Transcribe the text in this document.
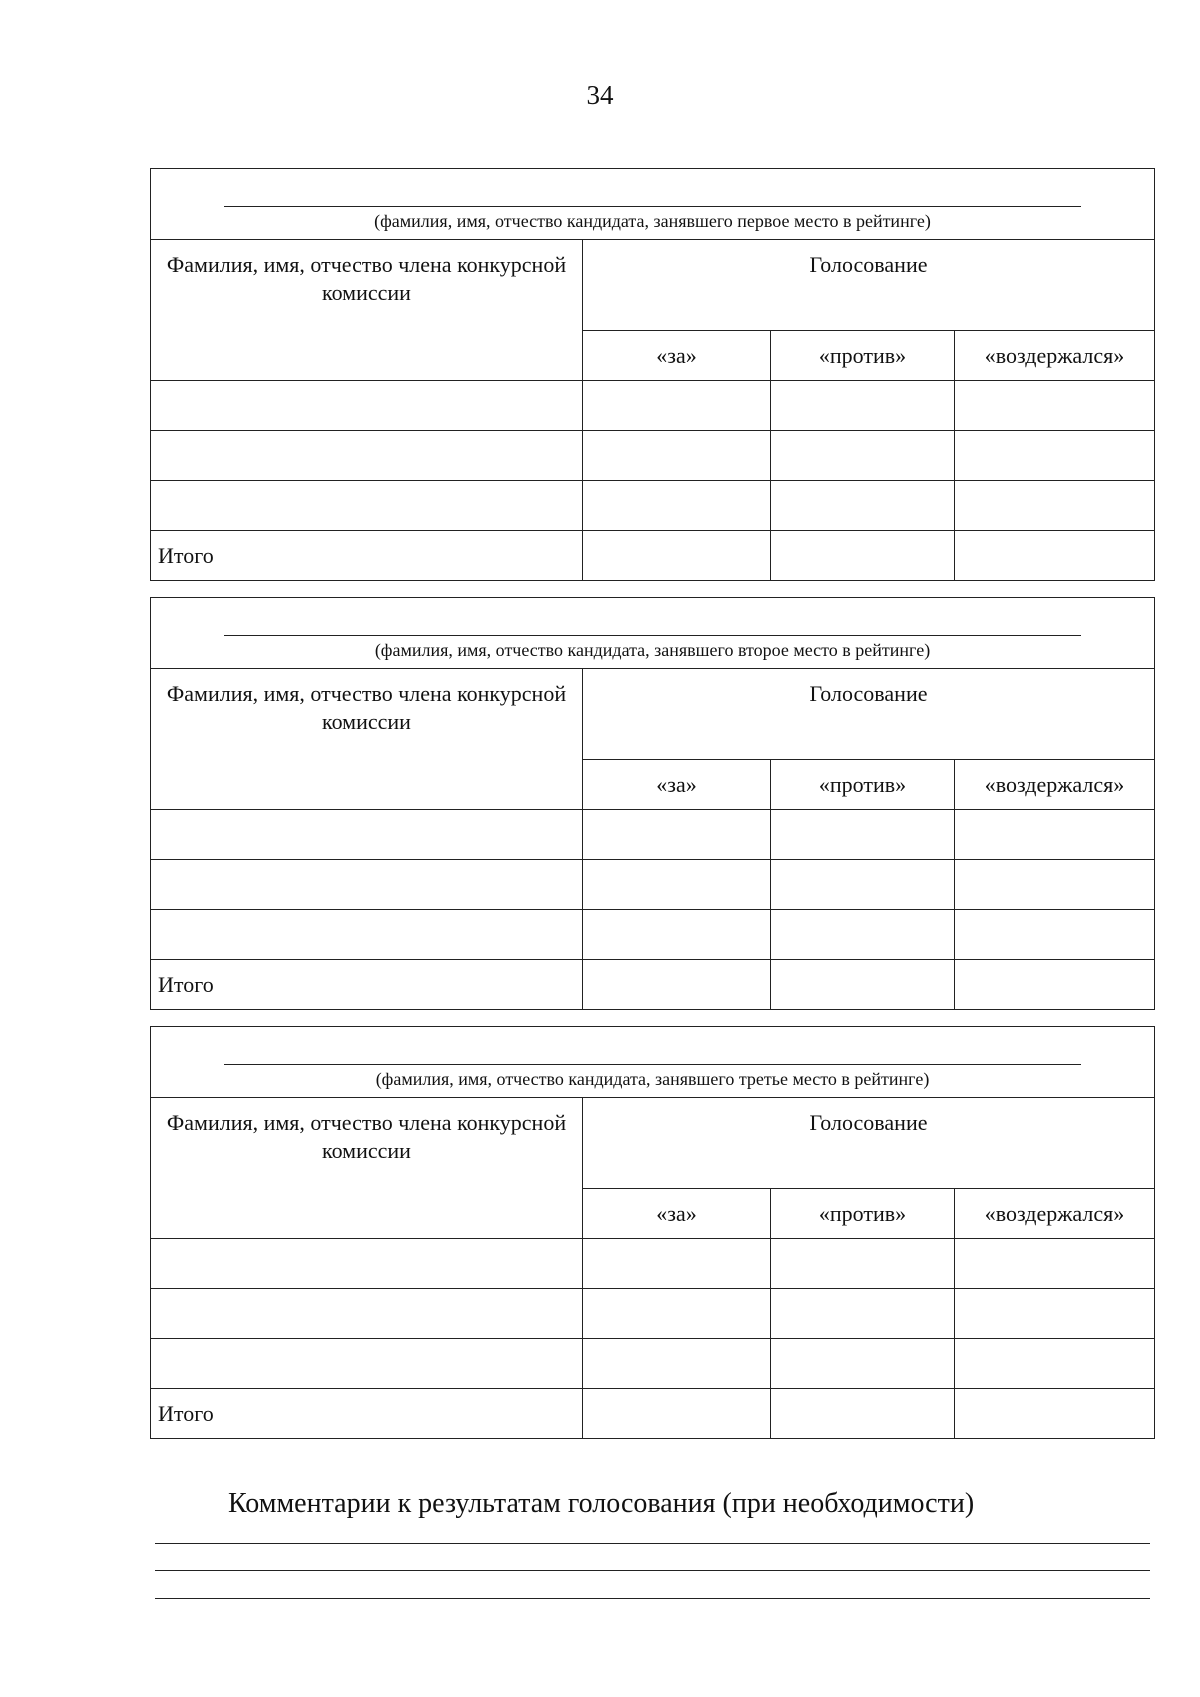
34
(фамилия, имя, отчество кандидата, занявшего первое место в рейтинге)			

Фамилия, имя, отчество члена конкурсной комиссии	Голосование		
	«за»	«против»	«воздержался»

Итого			
(фамилия, имя, отчество кандидата, занявшего второе место в рейтинге)			

Фамилия, имя, отчество члена конкурсной комиссии	Голосование		
	«за»	«против»	«воздержался»

Итого			
(фамилия, имя, отчество кандидата, занявшего третье место в рейтинге)			

Фамилия, имя, отчество члена конкурсной комиссии	Голосование		
	«за»	«против»	«воздержался»

Итого			
Комментарии к результатам голосования (при необходимости)
